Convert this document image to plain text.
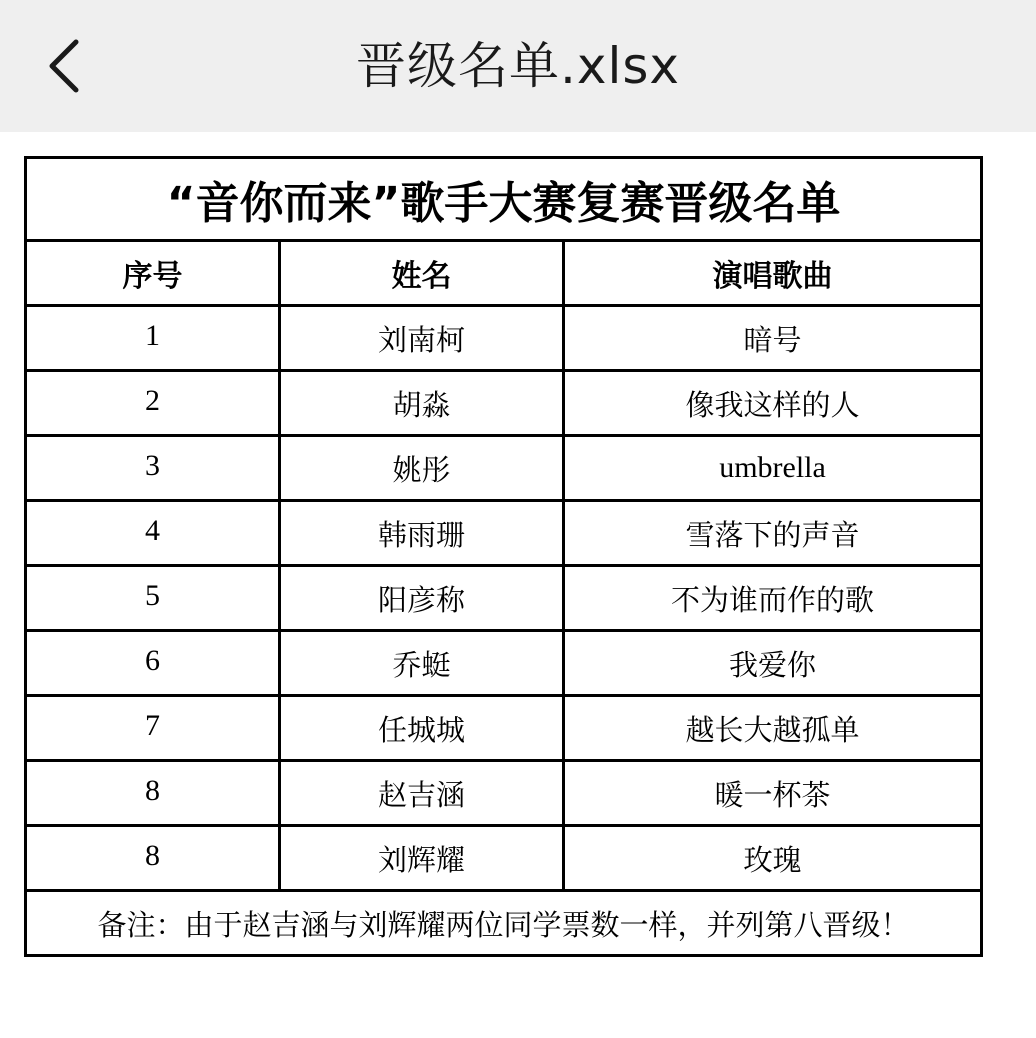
晋级名单.xlsx
“音你而来”歌手大赛复赛晋级名单		
序号	姓名	演唱歌曲
1	刘南柯	暗号
2	胡淼	像我这样的人
3	姚彤	umbrella
4	韩雨珊	雪落下的声音
5	阳彦称	不为谁而作的歌
6	乔蜓	我爱你
7	任城城	越长大越孤单
8	赵吉涵	暖一杯茶
8	刘辉耀	玫瑰
备注：由于赵吉涵与刘辉耀两位同学票数一样，并列第八晋级！		
